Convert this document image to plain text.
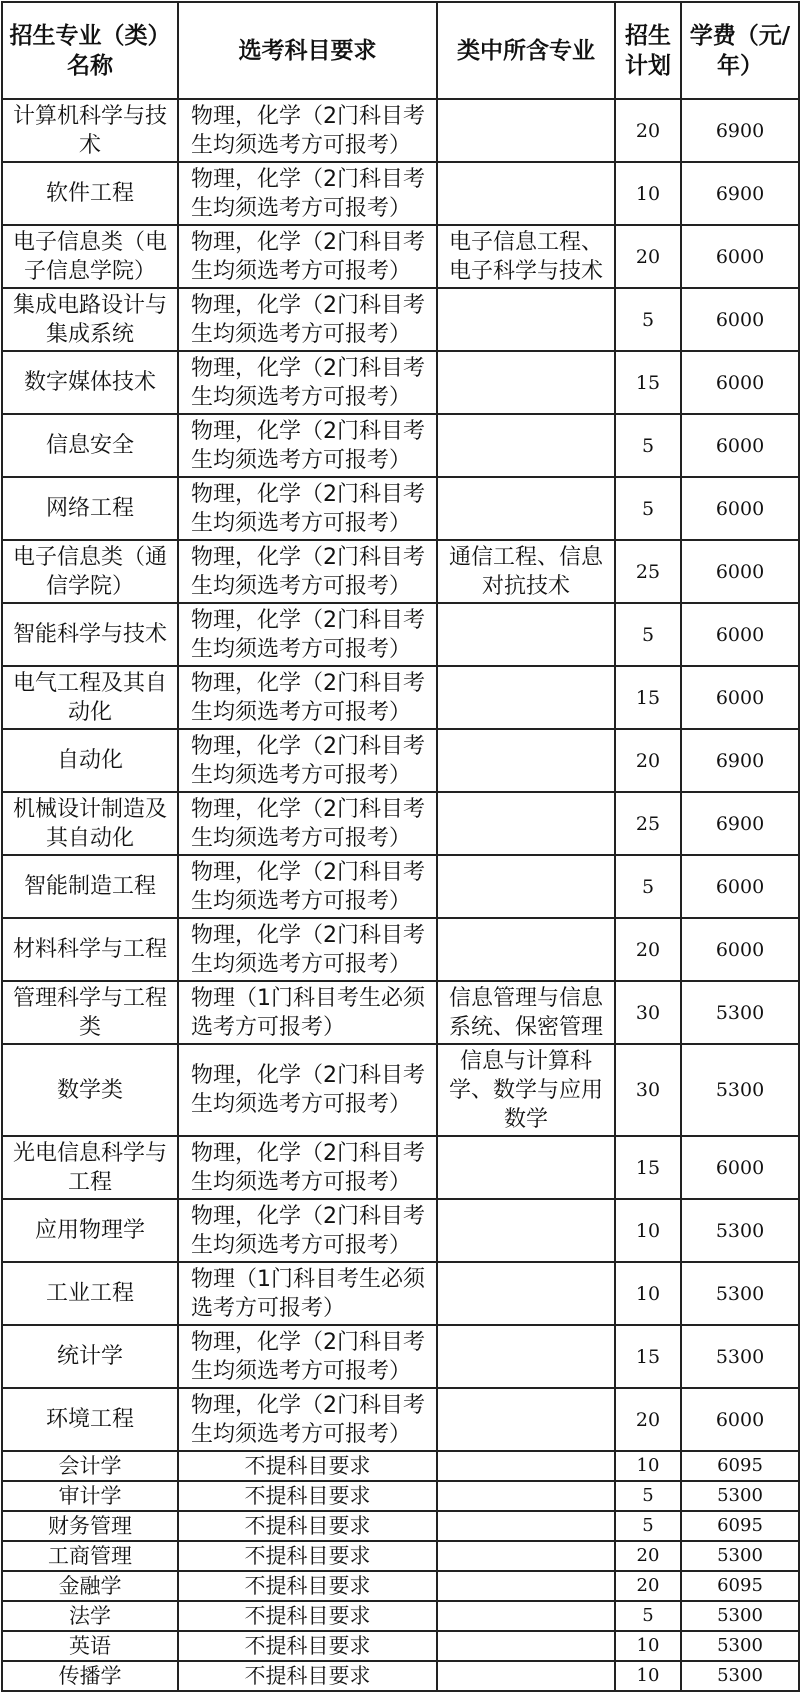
招生专业（类）名称	选考科目要求	类中所含专业	招生计划	学费（元/年）
计算机科学与技术	物理，化学（2门科目考生均须选考方可报考）		20	6900
软件工程	物理，化学（2门科目考生均须选考方可报考）		10	6900
电子信息类（电子信息学院）	物理，化学（2门科目考生均须选考方可报考）	电子信息工程、电子科学与技术	20	6000
集成电路设计与集成系统	物理，化学（2门科目考生均须选考方可报考）		5	6000
数字媒体技术	物理，化学（2门科目考生均须选考方可报考）		15	6000
信息安全	物理，化学（2门科目考生均须选考方可报考）		5	6000
网络工程	物理，化学（2门科目考生均须选考方可报考）		5	6000
电子信息类（通信学院）	物理，化学（2门科目考生均须选考方可报考）	通信工程、信息对抗技术	25	6000
智能科学与技术	物理，化学（2门科目考生均须选考方可报考）		5	6000
电气工程及其自动化	物理，化学（2门科目考生均须选考方可报考）		15	6000
自动化	物理，化学（2门科目考生均须选考方可报考）		20	6900
机械设计制造及其自动化	物理，化学（2门科目考生均须选考方可报考）		25	6900
智能制造工程	物理，化学（2门科目考生均须选考方可报考）		5	6000
材料科学与工程	物理，化学（2门科目考生均须选考方可报考）		20	6000
管理科学与工程类	物理（1门科目考生必须选考方可报考）	信息管理与信息系统、保密管理	30	5300
数学类	物理，化学（2门科目考生均须选考方可报考）	信息与计算科学、数学与应用数学	30	5300
光电信息科学与工程	物理，化学（2门科目考生均须选考方可报考）		15	6000
应用物理学	物理，化学（2门科目考生均须选考方可报考）		10	5300
工业工程	物理（1门科目考生必须选考方可报考）		10	5300
统计学	物理，化学（2门科目考生均须选考方可报考）		15	5300
环境工程	物理，化学（2门科目考生均须选考方可报考）		20	6000
会计学	不提科目要求		10	6095
审计学	不提科目要求		5	5300
财务管理	不提科目要求		5	6095
工商管理	不提科目要求		20	5300
金融学	不提科目要求		20	6095
法学	不提科目要求		5	5300
英语	不提科目要求		10	5300
传播学	不提科目要求		10	5300
